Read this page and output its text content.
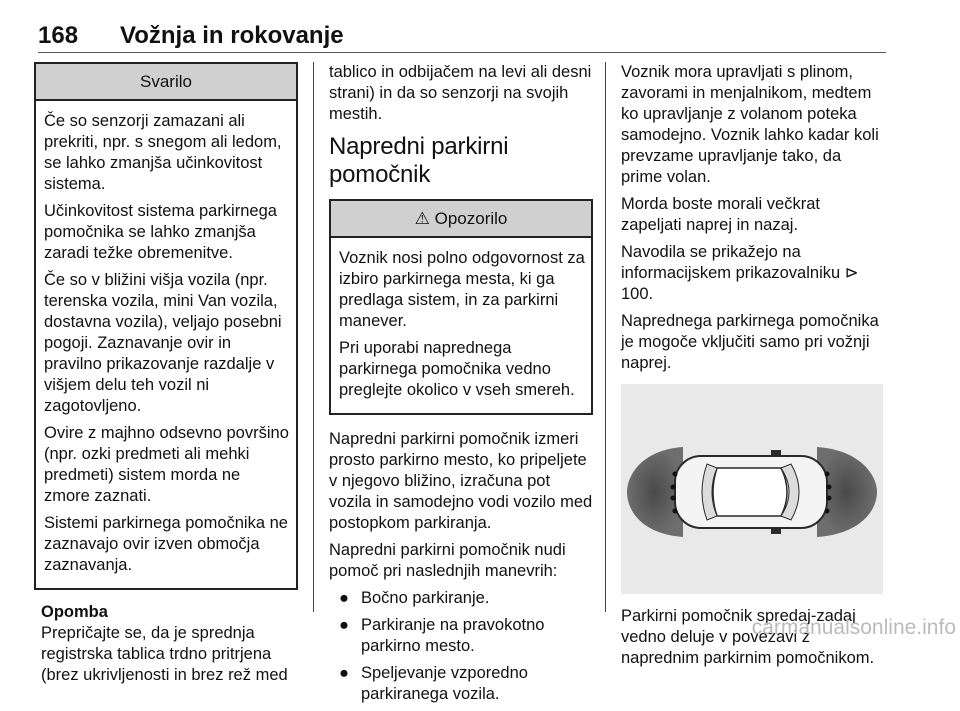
168 Vožnja in rokovanje
Svarilo

Če so senzorji zamazani ali prekriti, npr. s snegom ali ledom, se lahko zmanjša učinkovitost sistema.

Učinkovitost sistema parkirnega pomočnika se lahko zmanjša zaradi težke obremenitve.

Če so v bližini višja vozila (npr. terenska vozila, mini Van vozila, dostavna vozila), veljajo posebni pogoji. Zaznavanje ovir in pravilno prikazovanje razdalje v višjem delu teh vozil ni zagotovljeno.

Ovire z majhno odsevno površino (npr. ozki predmeti ali mehki predmeti) sistem morda ne zmore zaznati.

Sistemi parkirnega pomočnika ne zaznavajo ovir izven območja zaznavanja.

Opomba

Prepričajte se, da je sprednja registrska tablica trdno pritrjena (brez ukrivljenosti in brez rež med

tablico in odbijačem na levi ali desni strani) in da so senzorji na svojih mestih.

Napredni parkirni pomočnik
⚠ Opozorilo

Voznik nosi polno odgovornost za izbiro parkirnega mesta, ki ga predlaga sistem, in za parkirni manever.

Pri uporabi naprednega parkirnega pomočnika vedno preglejte okolico v vseh smereh.

Napredni parkirni pomočnik izmeri prosto parkirno mesto, ko pripeljete v njegovo bližino, izračuna pot vozila in samodejno vodi vozilo med postopkom parkiranja.

Napredni parkirni pomočnik nudi pomoč pri naslednjih manevrih:

● Bočno parkiranje.
● Parkiranje na pravokotno parkirno mesto.
● Speljevanje vzporedno parkiranega vozila.

Voznik mora upravljati s plinom, zavorami in menjalnikom, medtem ko upravljanje z volanom poteka samodejno. Voznik lahko kadar koli prevzame upravljanje tako, da prime volan.

Morda boste morali večkrat zapeljati naprej in nazaj.

Navodila se prikažejo na informacijskem prikazovalniku ⊳ 100.

Naprednega parkirnega pomočnika je mogoče vključiti samo pri vožnji naprej.

Parkirni pomočnik spredaj-zadaj vedno deluje v povezavi z naprednim parkirnim pomočnikom.

carmanualsonline.info
